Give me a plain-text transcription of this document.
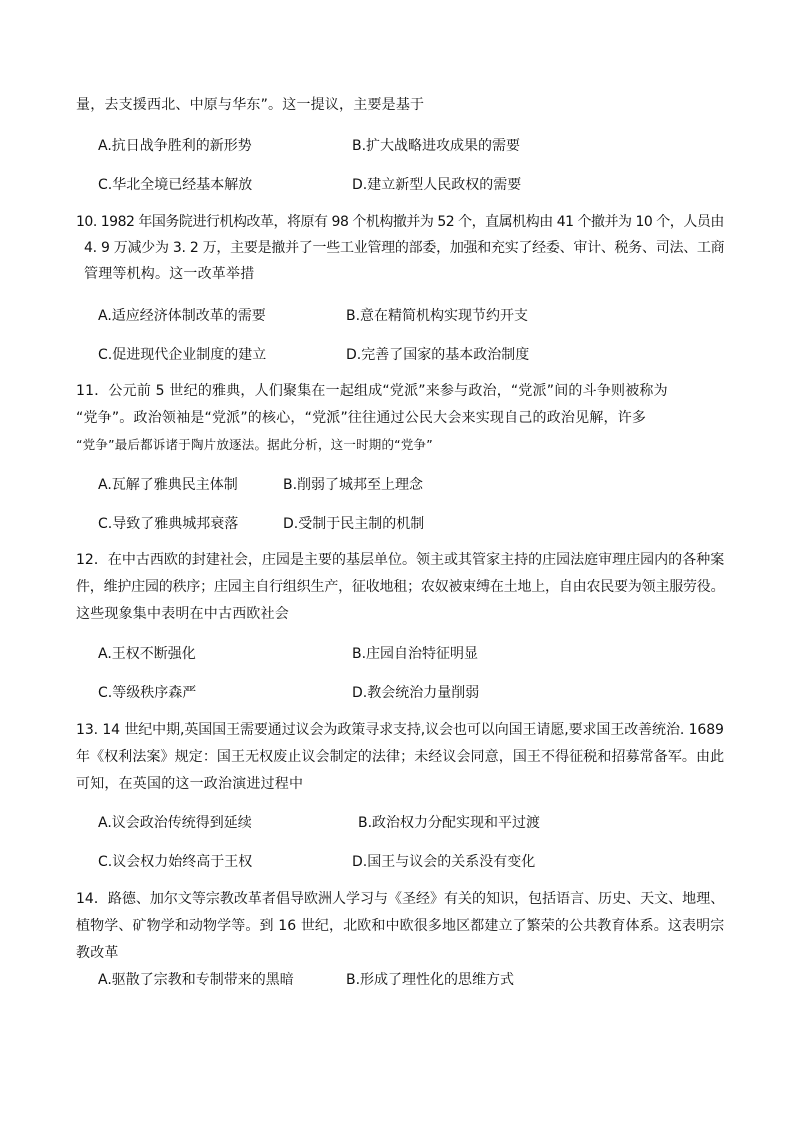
量，去支援西北、中原与华东”。这一提议，主要是基于
A.抗日战争胜利的新形势	B.扩大战略进攻成果的需要
C.华北全境已经基本解放	D.建立新型人民政权的需要
10. 1982 年国务院进行机构改革，将原有 98 个机构撤并为 52 个，直属机构由 41 个撤并为 10 个，人员由
4. 9 万减少为 3. 2 万，主要是撤并了一些工业管理的部委，加强和充实了经委、审计、税务、司法、工商
管理等机构。这一改革举措
A.适应经济体制改革的需要	B.意在精简机构实现节约开支
C.促进现代企业制度的建立	D.完善了国家的基本政治制度
11．公元前 5 世纪的雅典，人们聚集在一起组成“党派”来参与政治，“党派”间的斗争则被称为
“党争”。政治领袖是“党派”的核心，“党派”往往通过公民大会来实现自己的政治见解，许多
“党争”最后都诉诸于陶片放逐法。据此分析，这一时期的“党争”
A.瓦解了雅典民主体制	B.削弱了城邦至上理念
C.导致了雅典城邦衰落	D.受制于民主制的机制
12．在中古西欧的封建社会，庄园是主要的基层单位。领主或其管家主持的庄园法庭审理庄园内的各种案
件，维护庄园的秩序；庄园主自行组织生产，征收地租；农奴被束缚在土地上，自由农民要为领主服劳役。
这些现象集中表明在中古西欧社会
A.王权不断强化	B.庄园自治特征明显
C.等级秩序森严	D.教会统治力量削弱
13. 14 世纪中期,英国国王需要通过议会为政策寻求支持,议会也可以向国王请愿,要求国王改善统治. 1689
年《权利法案》规定：国王无权废止议会制定的法律；未经议会同意，国王不得征税和招募常备军。由此
可知，在英国的这一政治演进过程中
A.议会政治传统得到延续	B.政治权力分配实现和平过渡
C.议会权力始终高于王权	D.国王与议会的关系没有变化
14．路德、加尔文等宗教改革者倡导欧洲人学习与《圣经》有关的知识，包括语言、历史、天文、地理、
植物学、矿物学和动物学等。到 16 世纪，北欧和中欧很多地区都建立了繁荣的公共教育体系。这表明宗
教改革
A.驱散了宗教和专制带来的黑暗	B.形成了理性化的思维方式
